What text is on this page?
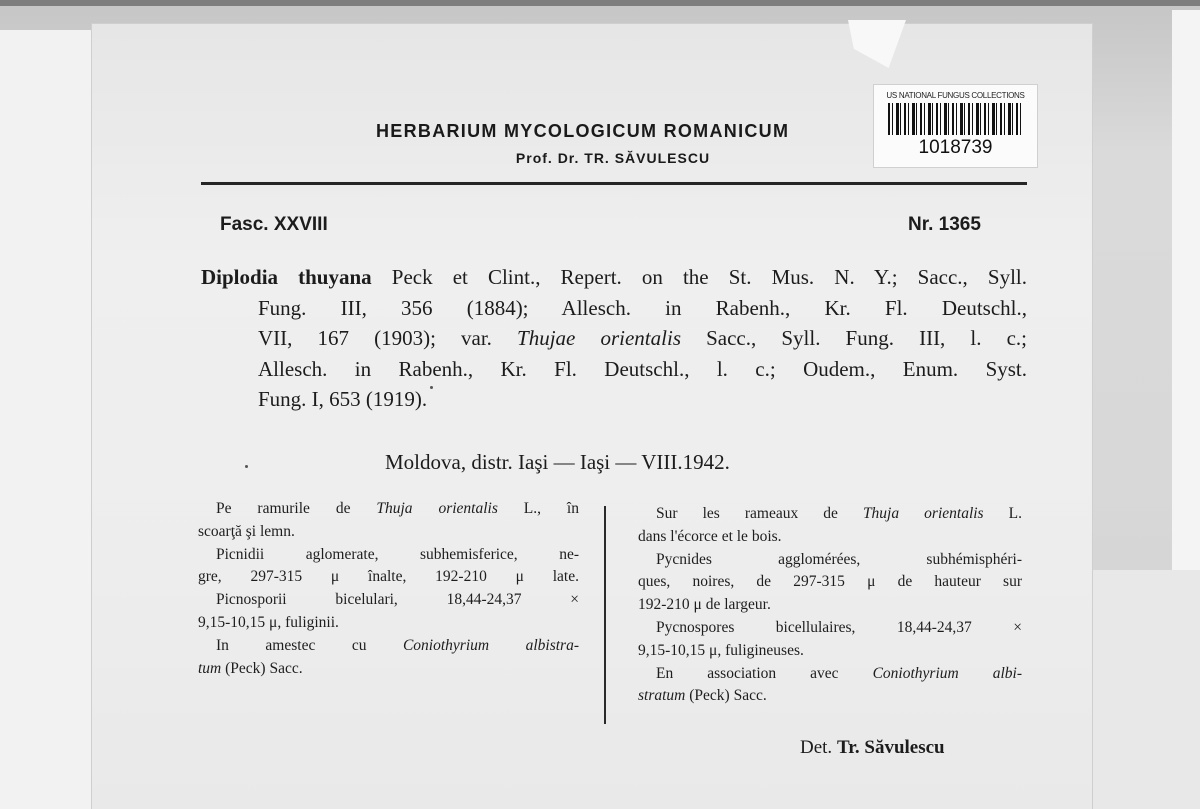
US NATIONAL FUNGUS COLLECTIONS
1018739
HERBARIUM MYCOLOGICUM ROMANICUM
Prof. Dr. TR. SĂVULESCU
Fasc. XXVIII	Nr. 1365
Diplodia thuyana Peck et Clint., Repert. on the St. Mus. N. Y.; Sacc., Syll.
Fung. III, 356 (1884); Allesch. in Rabenh., Kr. Fl. Deutschl.,
VII, 167 (1903); var. Thujae orientalis Sacc., Syll. Fung. III, l. c.;
Allesch. in Rabenh., Kr. Fl. Deutschl., l. c.; Oudem., Enum. Syst.
Fung. I, 653 (1919).
Moldova, distr. Iaşi — Iaşi — VIII.1942.
Pe ramurile de Thuja orientalis L., în
scoarţă şi lemn.
Picnidii aglomerate, subhemisferice, ne-
gre, 297-315 μ înalte, 192-210 μ late.
Picnosporii bicelulari, 18,44-24,37 ×
9,15-10,15 μ, fuliginii.
In amestec cu Coniothyrium albistra-
tum (Peck) Sacc.
Sur les rameaux de Thuja orientalis L.
dans l'écorce et le bois.
Pycnides agglomérées, subhémisphéri-
ques, noires, de 297-315 μ de hauteur sur
192-210 μ de largeur.
Pycnospores bicellulaires, 18,44-24,37 ×
9,15-10,15 μ, fuligineuses.
En association avec Coniothyrium albi-
stratum (Peck) Sacc.
Det. Tr. Săvulescu
